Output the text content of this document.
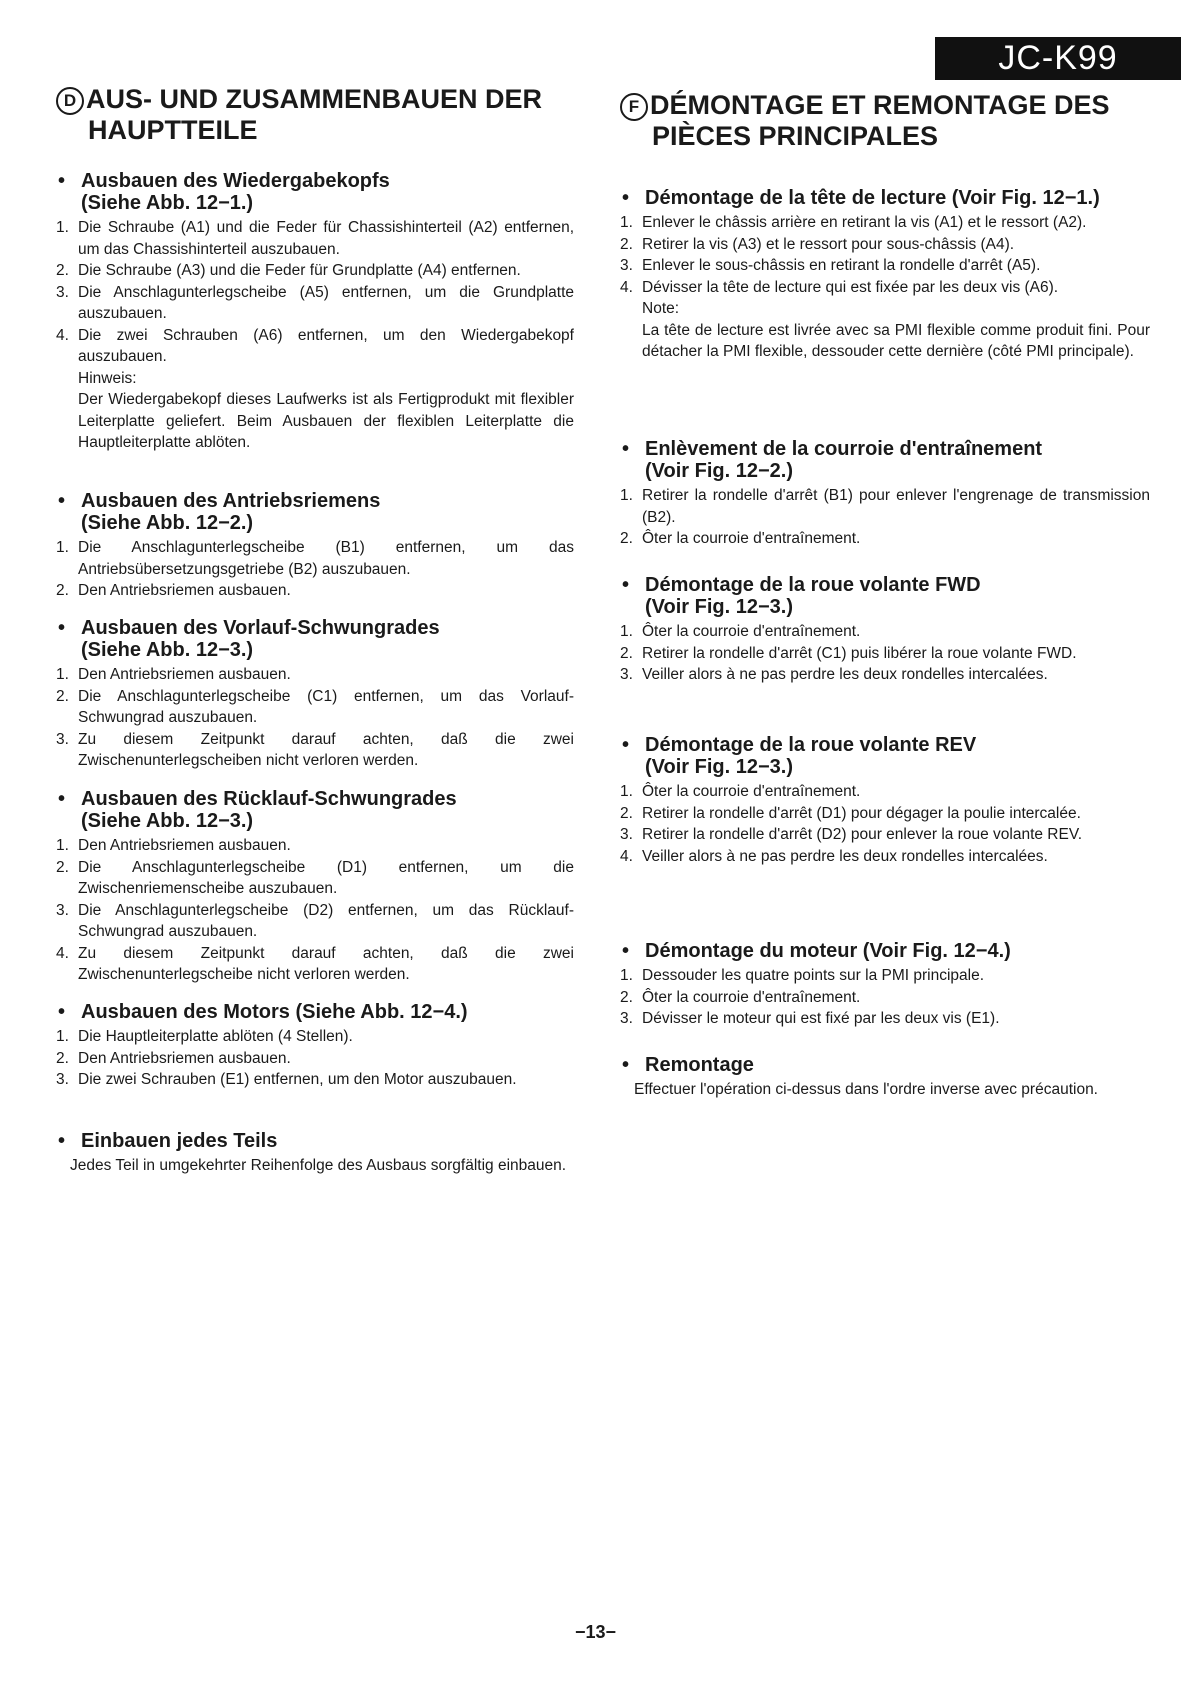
JC-K99
D AUS- UND ZUSAMMENBAUEN DER
HAUPTTEILE
• Ausbauen des Wiedergabekopfs
(Siehe Abb. 12−1.)
1. Die Schraube (A1) und die Feder für Chassishinterteil (A2) entfernen, um das Chassishinterteil auszubauen.
2. Die Schraube (A3) und die Feder für Grundplatte (A4) entfernen.
3. Die Anschlagunterlegscheibe (A5) entfernen, um die Grundplatte auszubauen.
4. Die zwei Schrauben (A6) entfernen, um den Wiedergabekopf auszubauen.
Hinweis:
Der Wiedergabekopf dieses Laufwerks ist als Fertigprodukt mit flexibler Leiterplatte geliefert. Beim Ausbauen der flexiblen Leiterplatte die Hauptleiterplatte ablöten.
• Ausbauen des Antriebsriemens
(Siehe Abb. 12−2.)
1. Die Anschlagunterlegscheibe (B1) entfernen, um das Antriebsübersetzungsgetriebe (B2) auszubauen.
2. Den Antriebsriemen ausbauen.
• Ausbauen des Vorlauf-Schwungrades
(Siehe Abb. 12−3.)
1. Den Antriebsriemen ausbauen.
2. Die Anschlagunterlegscheibe (C1) entfernen, um das Vorlauf-Schwungrad auszubauen.
3. Zu diesem Zeitpunkt darauf achten, daß die zwei Zwischenunterlegscheiben nicht verloren werden.
• Ausbauen des Rücklauf-Schwungrades
(Siehe Abb. 12−3.)
1. Den Antriebsriemen ausbauen.
2. Die Anschlagunterlegscheibe (D1) entfernen, um die Zwischenriemenscheibe auszubauen.
3. Die Anschlagunterlegscheibe (D2) entfernen, um das Rücklauf-Schwungrad auszubauen.
4. Zu diesem Zeitpunkt darauf achten, daß die zwei Zwischenunterlegscheibe nicht verloren werden.
• Ausbauen des Motors (Siehe Abb. 12−4.)
1. Die Hauptleiterplatte ablöten (4 Stellen).
2. Den Antriebsriemen ausbauen.
3. Die zwei Schrauben (E1) entfernen, um den Motor auszubauen.
• Einbauen jedes Teils

Jedes Teil in umgekehrter Reihenfolge des Ausbaus sorgfältig einbauen.

F DÉMONTAGE ET REMONTAGE DES
PIÈCES PRINCIPALES
• Démontage de la tête de lecture (Voir Fig. 12−1.)
1. Enlever le châssis arrière en retirant la vis (A1) et le ressort (A2).
2. Retirer la vis (A3) et le ressort pour sous-châssis (A4).
3. Enlever le sous-châssis en retirant la rondelle d'arrêt (A5).
4. Dévisser la tête de lecture qui est fixée par les deux vis (A6).
Note:
La tête de lecture est livrée avec sa PMI flexible comme produit fini. Pour détacher la PMI flexible, dessouder cette dernière (côté PMI principale).
• Enlèvement de la courroie d'entraînement
(Voir Fig. 12−2.)
1. Retirer la rondelle d'arrêt (B1) pour enlever l'engrenage de transmission (B2).
2. Ôter la courroie d'entraînement.
• Démontage de la roue volante FWD
(Voir Fig. 12−3.)
1. Ôter la courroie d'entraînement.
2. Retirer la rondelle d'arrêt (C1) puis libérer la roue volante FWD.
3. Veiller alors à ne pas perdre les deux rondelles intercalées.
• Démontage de la roue volante REV
(Voir Fig. 12−3.)
1. Ôter la courroie d'entraînement.
2. Retirer la rondelle d'arrêt (D1) pour dégager la poulie intercalée.
3. Retirer la rondelle d'arrêt (D2) pour enlever la roue volante REV.
4. Veiller alors à ne pas perdre les deux rondelles intercalées.
• Démontage du moteur (Voir Fig. 12−4.)
1. Dessouder les quatre points sur la PMI principale.
2. Ôter la courroie d'entraînement.
3. Dévisser le moteur qui est fixé par les deux vis (E1).
• Remontage

Effectuer l'opération ci-dessus dans l'ordre inverse avec précaution.

−13−
